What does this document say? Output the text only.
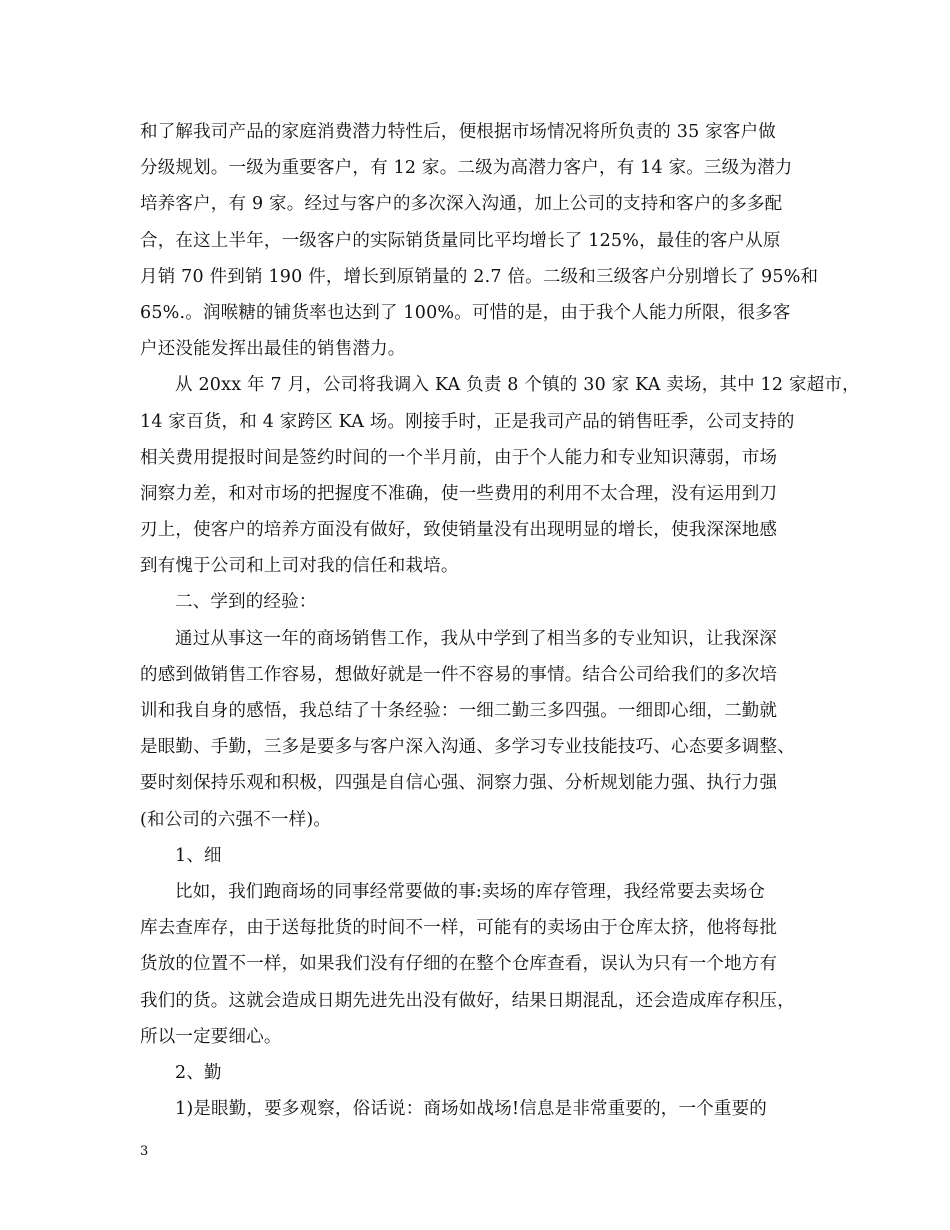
和了解我司产品的家庭消费潜力特性后，便根据市场情况将所负责的 35 家客户做
分级规划。一级为重要客户，有 12 家。二级为高潜力客户，有 14 家。三级为潜力
培养客户，有 9 家。经过与客户的多次深入沟通，加上公司的支持和客户的多多配
合，在这上半年，一级客户的实际销货量同比平均增长了 125%，最佳的客户从原
月销 70 件到销 190 件，增长到原销量的 2.7 倍。二级和三级客户分别增长了 95%和
65%.。润喉糖的铺货率也达到了 100%。可惜的是，由于我个人能力所限，很多客
户还没能发挥出最佳的销售潜力。
从 20xx 年 7 月，公司将我调入 KA 负责 8 个镇的 30 家 KA 卖场，其中 12 家超市，
14 家百货，和 4 家跨区 KA 场。刚接手时，正是我司产品的销售旺季，公司支持的
相关费用提报时间是签约时间的一个半月前，由于个人能力和专业知识薄弱，市场
洞察力差，和对市场的把握度不准确，使一些费用的利用不太合理，没有运用到刀
刃上，使客户的培养方面没有做好，致使销量没有出现明显的增长，使我深深地感
到有愧于公司和上司对我的信任和栽培。
二、学到的经验：
通过从事这一年的商场销售工作，我从中学到了相当多的专业知识，让我深深
的感到做销售工作容易，想做好就是一件不容易的事情。结合公司给我们的多次培
训和我自身的感悟，我总结了十条经验：一细二勤三多四强。一细即心细，二勤就
是眼勤、手勤，三多是要多与客户深入沟通、多学习专业技能技巧、心态要多调整、
要时刻保持乐观和积极，四强是自信心强、洞察力强、分析规划能力强、执行力强
(和公司的六强不一样)。
1、细
比如，我们跑商场的同事经常要做的事:卖场的库存管理，我经常要去卖场仓
库去查库存，由于送每批货的时间不一样，可能有的卖场由于仓库太挤，他将每批
货放的位置不一样，如果我们没有仔细的在整个仓库查看，误认为只有一个地方有
我们的货。这就会造成日期先进先出没有做好，结果日期混乱，还会造成库存积压，
所以一定要细心。
2、勤
1)是眼勤，要多观察，俗话说：商场如战场!信息是非常重要的，一个重要的
3
